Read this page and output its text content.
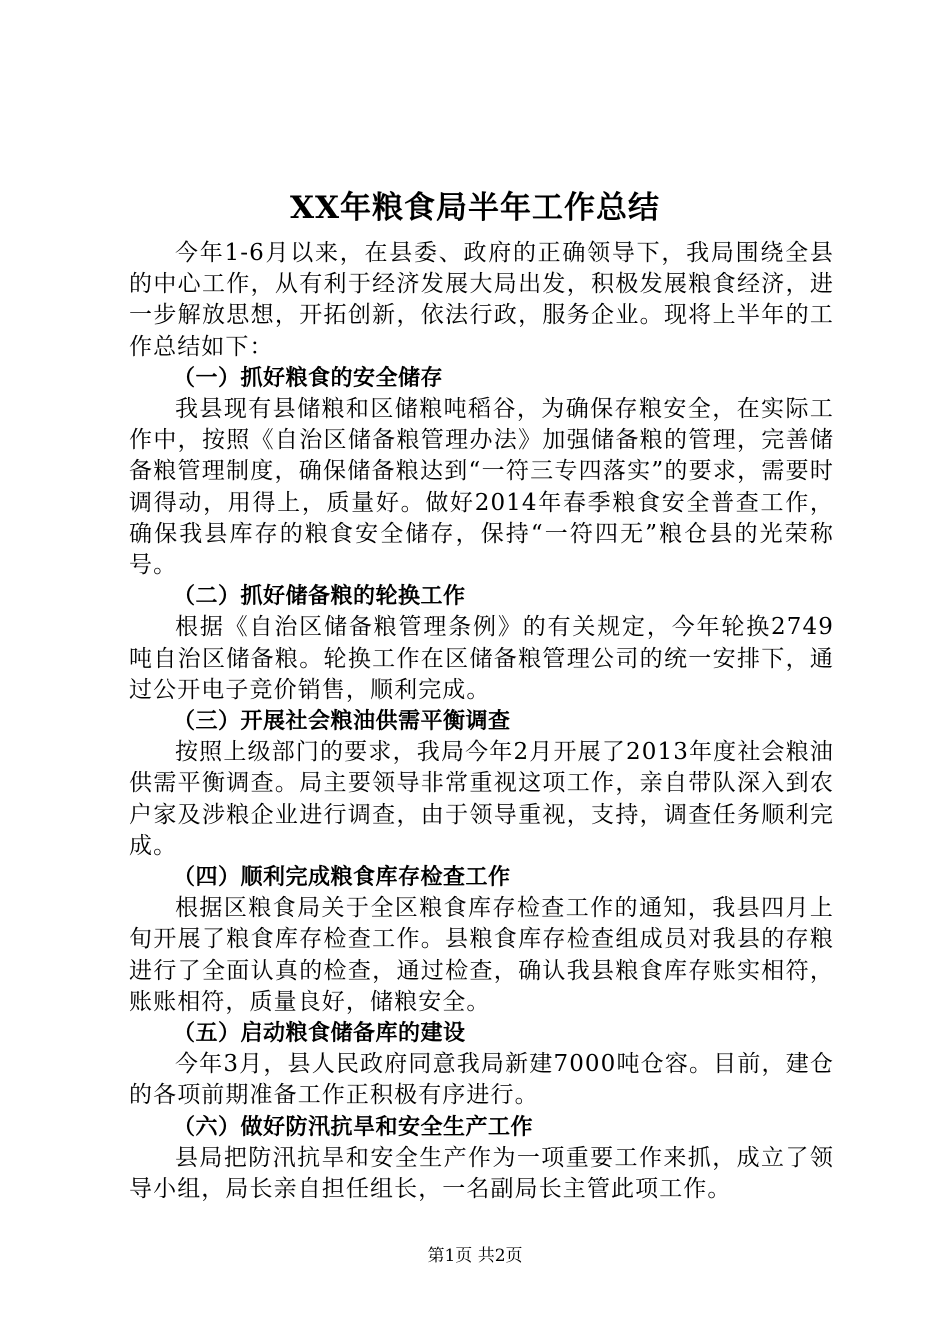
XX年粮食局半年工作总结

今年1-6月以来，在县委、政府的正确领导下，我局围绕全县的中心工作，从有利于经济发展大局出发，积极发展粮食经济，进一步解放思想，开拓创新，依法行政，服务企业。现将上半年的工作总结如下：

（一）抓好粮食的安全储存

我县现有县储粮和区储粮吨稻谷，为确保存粮安全，在实际工作中，按照《自治区储备粮管理办法》加强储备粮的管理，完善储备粮管理制度，确保储备粮达到“一符三专四落实”的要求，需要时调得动，用得上，质量好。做好2014年春季粮食安全普查工作，确保我县库存的粮食安全储存，保持“一符四无”粮仓县的光荣称号。

（二）抓好储备粮的轮换工作

根据《自治区储备粮管理条例》的有关规定，今年轮换2749吨自治区储备粮。轮换工作在区储备粮管理公司的统一安排下，通过公开电子竞价销售，顺利完成。

（三）开展社会粮油供需平衡调查

按照上级部门的要求，我局今年2月开展了2013年度社会粮油供需平衡调查。局主要领导非常重视这项工作，亲自带队深入到农户家及涉粮企业进行调查，由于领导重视，支持，调查任务顺利完成。

（四）顺利完成粮食库存检查工作

根据区粮食局关于全区粮食库存检查工作的通知，我县四月上旬开展了粮食库存检查工作。县粮食库存检查组成员对我县的存粮进行了全面认真的检查，通过检查，确认我县粮食库存账实相符，账账相符，质量良好，储粮安全。

（五）启动粮食储备库的建设

今年3月，县人民政府同意我局新建7000吨仓容。目前，建仓的各项前期准备工作正积极有序进行。

（六）做好防汛抗旱和安全生产工作

县局把防汛抗旱和安全生产作为一项重要工作来抓，成立了领导小组，局长亲自担任组长，一名副局长主管此项工作。

第1页 共2页
